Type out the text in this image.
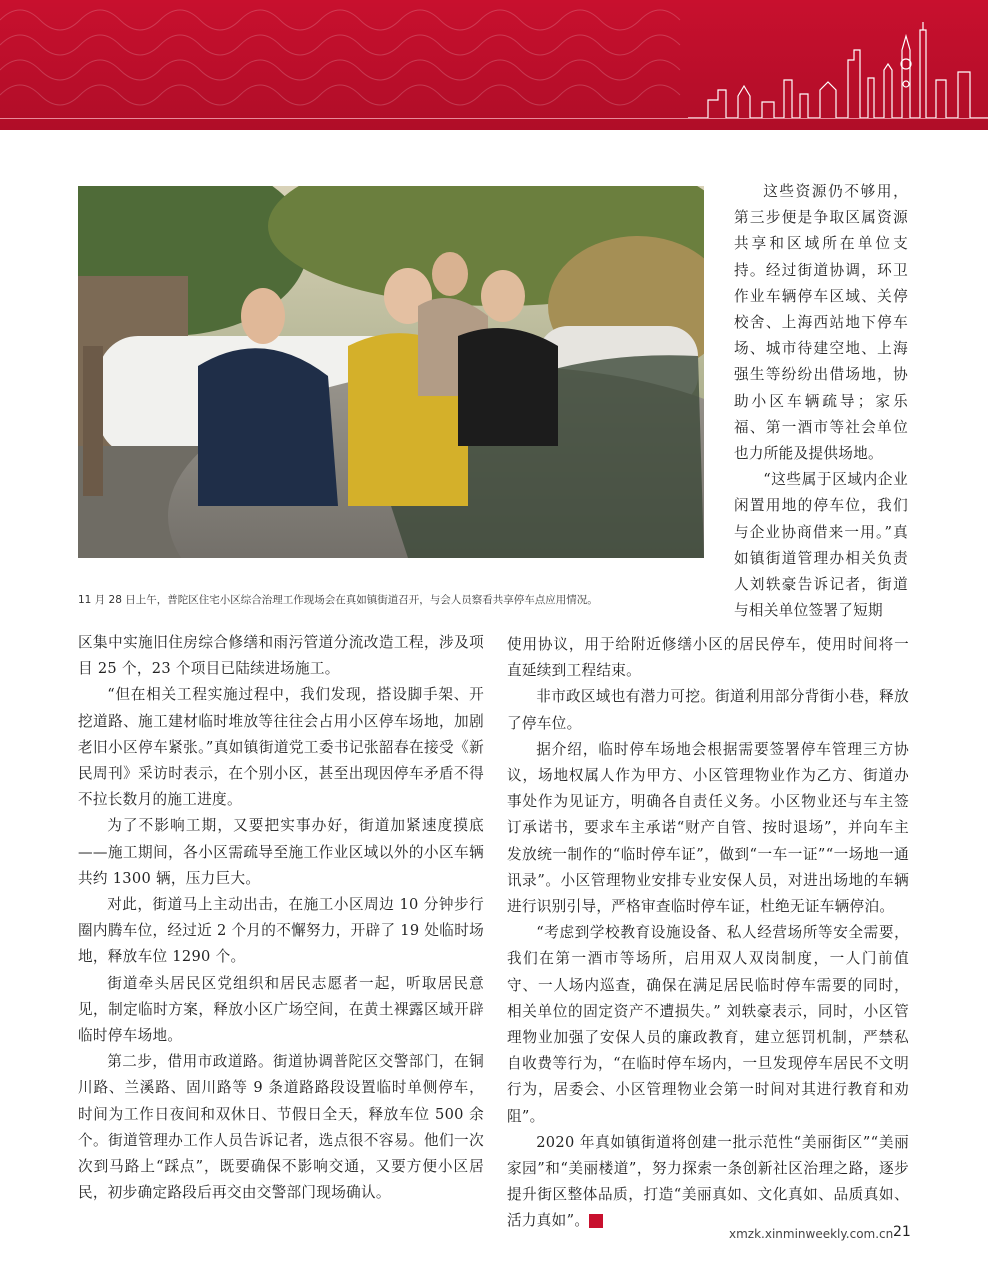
11 月 28 日上午，普陀区住宅小区综合治理工作现场会在真如镇街道召开，与会人员察看共享停车点应用情况。

这些资源仍不够用，第三步便是争取区属资源共享和区域所在单位支持。经过街道协调，环卫作业车辆停车区域、关停校舍、上海西站地下停车场、城市待建空地、上海强生等纷纷出借场地，协助小区车辆疏导；家乐福、第一酒市等社会单位也力所能及提供场地。

“这些属于区域内企业闲置用地的停车位，我们与企业协商借来一用。”真如镇街道管理办相关负责人刘轶豪告诉记者，街道与相关单位签署了短期

区集中实施旧住房综合修缮和雨污管道分流改造工程，涉及项目 25 个，23 个项目已陆续进场施工。

“但在相关工程实施过程中，我们发现，搭设脚手架、开挖道路、施工建材临时堆放等往往会占用小区停车场地，加剧老旧小区停车紧张。”真如镇街道党工委书记张韶春在接受《新民周刊》采访时表示，在个别小区，甚至出现因停车矛盾不得不拉长数月的施工进度。

为了不影响工期，又要把实事办好，街道加紧速度摸底——施工期间，各小区需疏导至施工作业区域以外的小区车辆共约 1300 辆，压力巨大。

对此，街道马上主动出击，在施工小区周边 10 分钟步行圈内腾车位，经过近 2 个月的不懈努力，开辟了 19 处临时场地，释放车位 1290 个。

街道牵头居民区党组织和居民志愿者一起，听取居民意见，制定临时方案，释放小区广场空间，在黄土裸露区域开辟临时停车场地。

第二步，借用市政道路。街道协调普陀区交警部门，在铜川路、兰溪路、固川路等 9 条道路路段设置临时单侧停车，时间为工作日夜间和双休日、节假日全天，释放车位 500 余个。街道管理办工作人员告诉记者，选点很不容易。他们一次次到马路上“踩点”，既要确保不影响交通，又要方便小区居民，初步确定路段后再交由交警部门现场确认。

使用协议，用于给附近修缮小区的居民停车，使用时间将一直延续到工程结束。

非市政区域也有潜力可挖。街道利用部分背街小巷，释放了停车位。

据介绍，临时停车场地会根据需要签署停车管理三方协议，场地权属人作为甲方、小区管理物业作为乙方、街道办事处作为见证方，明确各自责任义务。小区物业还与车主签订承诺书，要求车主承诺“财产自管、按时退场”，并向车主发放统一制作的“临时停车证”，做到“一车一证”“一场地一通讯录”。小区管理物业安排专业安保人员，对进出场地的车辆进行识别引导，严格审查临时停车证，杜绝无证车辆停泊。

“考虑到学校教育设施设备、私人经营场所等安全需要，我们在第一酒市等场所，启用双人双岗制度，一人门前值守、一人场内巡查，确保在满足居民临时停车需要的同时，相关单位的固定资产不遭损失。” 刘轶豪表示，同时，小区管理物业加强了安保人员的廉政教育，建立惩罚机制，严禁私自收费等行为，“在临时停车场内，一旦发现停车居民不文明行为，居委会、小区管理物业会第一时间对其进行教育和劝阻”。

2020 年真如镇街道将创建一批示范性“美丽街区”“美丽家园”和“美丽楼道”，努力探索一条创新社区治理之路，逐步提升街区整体品质，打造“美丽真如、文化真如、品质真如、活力真如”。	民

xmzk.xinminweekly.com.cn 21
